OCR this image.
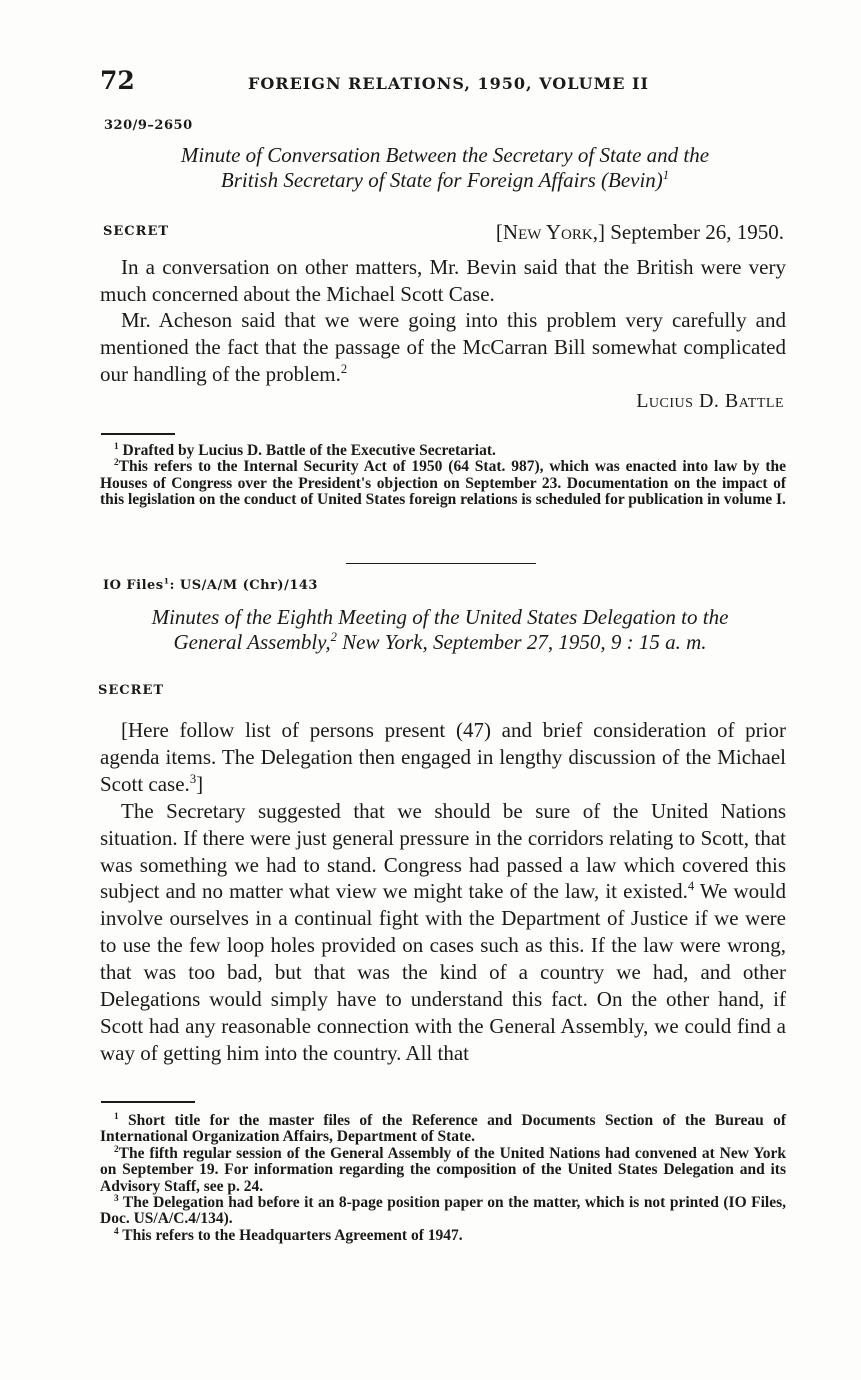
72	FOREIGN RELATIONS, 1950, VOLUME II
320/9–2650
Minute of Conversation Between the Secretary of State and the
British Secretary of State for Foreign Affairs (Bevin)$^1$
SECRET	[New York,] September 26, 1950.

In a conversation on other matters, Mr. Bevin said that the British were very much concerned about the Michael Scott Case.

Mr. Acheson said that we were going into this problem very carefully and mentioned the fact that the passage of the McCarran Bill somewhat complicated our handling of the problem.$^2$

Lucius D. Battle

$^1$ Drafted by Lucius D. Battle of the Executive Secretariat.

$^2$This refers to the Internal Security Act of 1950 (64 Stat. 987), which was enacted into law by the Houses of Congress over the President's objection on September 23. Documentation on the impact of this legislation on the conduct of United States foreign relations is scheduled for publication in volume I.

IO Files$^1$: US/A/M (Chr)/143
Minutes of the Eighth Meeting of the United States Delegation to the
General Assembly,$^2$ New York, September 27, 1950, 9 : 15 a. m.
SECRET

[Here follow list of persons present (47) and brief consideration of prior agenda items. The Delegation then engaged in lengthy discussion of the Michael Scott case.$^3$]

The Secretary suggested that we should be sure of the United Nations situation. If there were just general pressure in the corridors relating to Scott, that was something we had to stand. Congress had passed a law which covered this subject and no matter what view we might take of the law, it existed.$^4$ We would involve ourselves in a continual fight with the Department of Justice if we were to use the few loop holes provided on cases such as this. If the law were wrong, that was too bad, but that was the kind of a country we had, and other Delegations would simply have to understand this fact. On the other hand, if Scott had any reasonable connection with the General Assembly, we could find a way of getting him into the country. All that

$^1$ Short title for the master files of the Reference and Documents Section of the Bureau of International Organization Affairs, Department of State.

$^2$The fifth regular session of the General Assembly of the United Nations had convened at New York on September 19. For information regarding the composition of the United States Delegation and its Advisory Staff, see p. 24.

$^3$ The Delegation had before it an 8-page position paper on the matter, which is not printed (IO Files, Doc. US/A/C.4/134).

$^4$ This refers to the Headquarters Agreement of 1947.
